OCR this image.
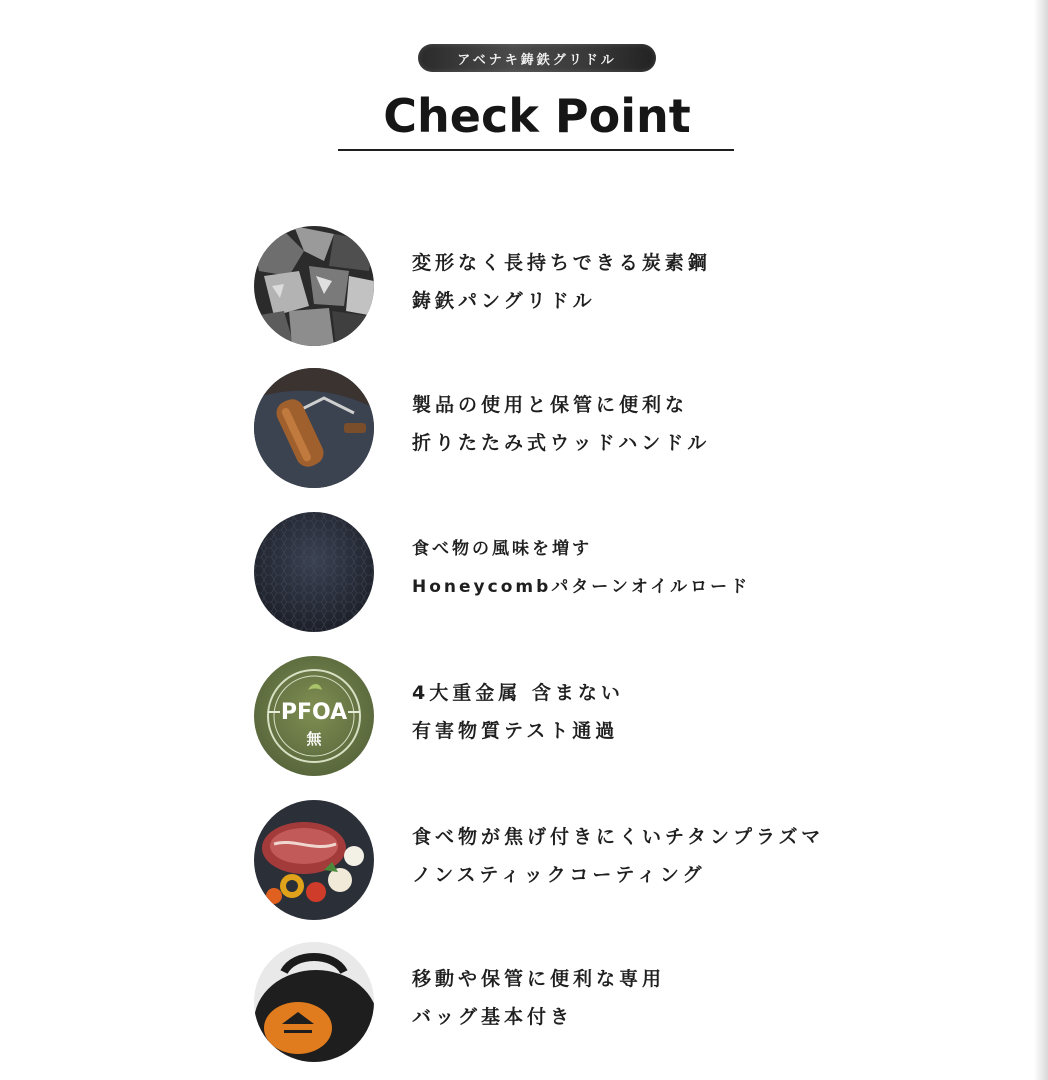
アベナキ鋳鉄グリドル
Check Point
変形なく長持ちできる炭素鋼
鋳鉄パングリドル
製品の使用と保管に便利な
折りたたみ式ウッドハンドル
食べ物の風味を増す
Honeycombパターンオイルロード
PFOA
無
4大重金属 含まない
有害物質テスト通過
食べ物が焦げ付きにくいチタンプラズマ
ノンスティックコーティング
移動や保管に便利な専用
バッグ基本付き
